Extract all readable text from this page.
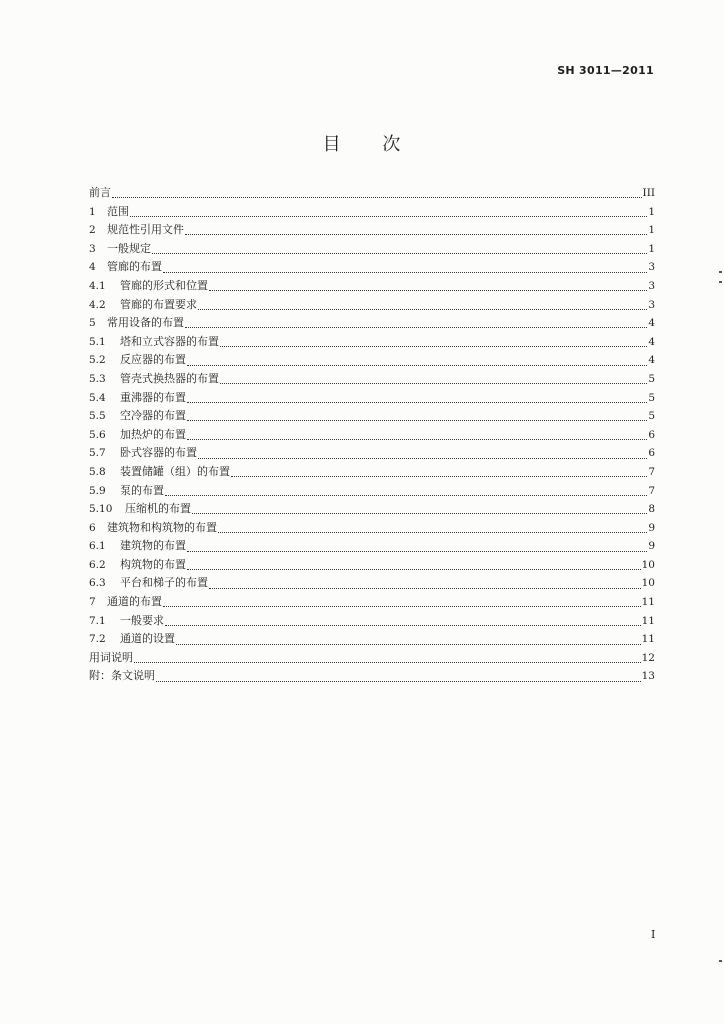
SH 3011—2011
目 次
前言	III
1	范围	1
2	规范性引用文件	1
3	一般规定	1
4	管廊的布置	3
4.1	管廊的形式和位置	3
4.2	管廊的布置要求	3
5	常用设备的布置	4
5.1	塔和立式容器的布置	4
5.2	反应器的布置	4
5.3	管壳式换热器的布置	5
5.4	重沸器的布置	5
5.5	空冷器的布置	5
5.6	加热炉的布置	6
5.7	卧式容器的布置	6
5.8	装置储罐（组）的布置	7
5.9	泵的布置	7
5.10	压缩机的布置	8
6	建筑物和构筑物的布置	9
6.1	建筑物的布置	9
6.2	构筑物的布置	10
6.3	平台和梯子的布置	10
7	通道的布置	11
7.1	一般要求	11
7.2	通道的设置	11
用词说明	12
附：条文说明	13
I
